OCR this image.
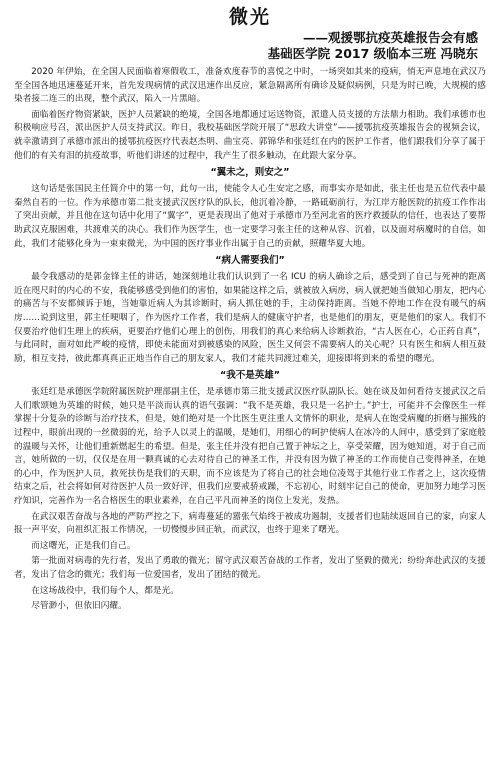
微光

——观援鄂抗疫英雄报告会有感

基础医学院 2017 级临本三班 冯晓东

2020 年伊始，在全国人民面临着寒假收工，准备欢度春节的喜悦之中时，一场突如其来的疫病，悄无声息地在武汉乃至全国各地迅速蔓延开来，首先发现病情的武汉迅速作出反应，紧急隔离所有确诊及疑似病例，只是为时已晚，大规模的感染者接二连三的出现，整个武汉，陷入一片黑暗。

面临着医疗物资紧缺，医护人员紧缺的绝境，全国各地都通过运送物资，派遣人员支援的方法鼎力相助。我们承德市也积极响应号召，派出医护人员支持武汉。昨日，我校基础医学院开展了“思政大讲堂”——援鄂抗疫英雄报告会的视频会议，就幸激请到了承德市派出的援鄂抗疫医疗代表赵杰明、曲宝亮、郭锦华和张廷红在内的医护工作者，他们跟我们分享了属于他们的有关有泪的抗疫故事，听他们讲述的过程中，我产生了很多触动，在此跟大家分享。

“翼未之，则安之”

这句话是张国民主任简介中的第一句，此句一出，使能令人心生安定之感，而事实亦是如此，张主任也是五位代表中最秦然自若的一位。作为承德市第二批支援武汉医疗队的队长，他沉着冷静，一路砥砺前行，为江岸方舱医院的抗疫工作作出了突出贡献，并且他在这句话中化用了“翼字”，更是表现出了他对于承德市乃至河北省的医疗救援队的信任，也表达了要帮助武汉克服困难，共渡难关的决心。我们作为医学生，也一定要学习张主任的这种从容、沉着，以及面对病魔时的自信，如此，我们才能够化身为一束束微光，为中国的医疗事业作出属于自己的贡献，照耀华夏大地。

“病人需要我们”

最令我感动的是郭金锋主任的讲话，她深刻地让我们认识到了一名 ICU 的病人确诊之后，感受到了自己与死神的距离近在咫尺时的内心的不安，我能够感受到他们的害怕，如果能这样之后，就被放入病房，病人就把她当做知心朋友，把内心的痛苦与不安都倾诉于她，当她靠近病人为其诊断时，病人抓住她的手，主动保持距离。当她不停地工作在没有暖气的病房……说到这里，郭主任哽咽了，作为医疗工作者，我们是病人的健康守护者，也是他们的朋友，更是他们的家人。我们不仅要治疗他们生理上的疾病，更要治疗他们心理上的创伤，用我们的真心来给病人诊断救治，“古人医在心，心正药自真”，与此同时，面对如此严峻的疫情，即使未能面对到被感染的风险，医生又何尝不需要病人的关心呢？只有医生和病人相互鼓励，相互支持，彼此都真真正正地当作自己的朋友家人，我们才能共同渡过难关，迎接即将到来的希望的曙光。

“我不是英雄”

张廷红是承德医学院附属医院护理部副主任，是承德市第三批支援武汉医疗队副队长。她在谈及如何看待支援武汉之后人们歌颂她为英雄的时候，她只是平淡而认真的语气强调：“我不是英雄，我只是一名护士。”护士，可能并不会像医生一样掌握十分复杂的诊断与治疗技术，但是，她们绝对是一个比医生更注重人文情怀的职业，是病人在饱受病魔的折磨与摧残的过程中，眼前出现的一丝微弱的光，给予人以灵上的温暖，是她们，用细心的呵护使病人在冰冷的人间中，感受到了家庭般的温暖与关怀，让他们重新燃起生的希望。但是，张主任并没有把自己置于神坛之上，享受荣耀，因为她知道，对于自己而言，她所做的一切，仅仅是在用一颗真诚的心去对待自己的神圣工作，并没有因为做了神圣的工作而使自己变得神圣，在她的心中，作为医护人员，救死扶伤是我们的天职，而不应该是为了将自己的社会地位凌驾于其他行业工作者之上，这次疫情结束之后，社会将如何对待医护人员一致好评，但我们应要戒骄戒躁，不忘初心，时刻牢记自己的使命，更加努力地学习医疗知识，完善作为一名合格医生的职业素养，在自己平凡而神圣的岗位上发光，发热。

在武汉艰苦奋战与各地的严防严控之下，病毒蔓延的嚣张气焰终于被成功遏制，支援者们也陆续返回自己的家，向家人报一声平安，向祖织汇报工作情况，一切慢慢步回正轨，而武汉，也终于迎来了曙光。

而这曙光，正是我们自己。

第一批面对病毒的先行者，发出了勇敢的微光；留守武汉艰苦奋战的工作者，发出了坚毅的微光；纷纷奔赴武汉的支援者，发出了信念的微光；我们每一位爱国者，发出了团结的微光。

在这场战役中，我们每个人，都是光。

尽管渺小，但依旧闪耀。
